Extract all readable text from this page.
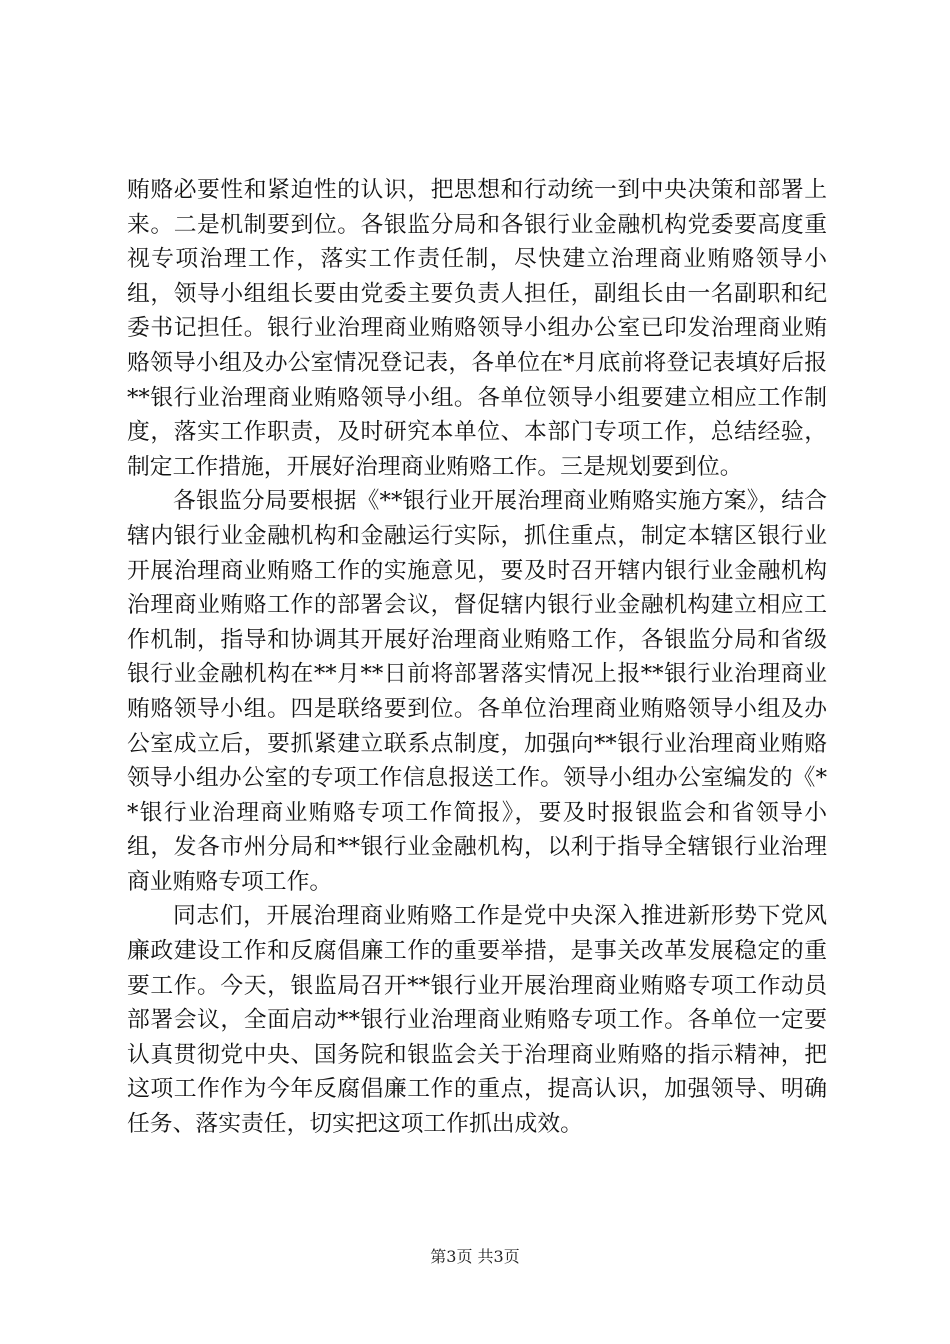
贿赂必要性和紧迫性的认识，把思想和行动统一到中央决策和部署上来。二是机制要到位。各银监分局和各银行业金融机构党委要高度重视专项治理工作，落实工作责任制，尽快建立治理商业贿赂领导小组，领导小组组长要由党委主要负责人担任，副组长由一名副职和纪委书记担任。银行业治理商业贿赂领导小组办公室已印发治理商业贿赂领导小组及办公室情况登记表，各单位在*月底前将登记表填好后报**银行业治理商业贿赂领导小组。各单位领导小组要建立相应工作制度，落实工作职责，及时研究本单位、本部门专项工作，总结经验，制定工作措施，开展好治理商业贿赂工作。三是规划要到位。

各银监分局要根据《**银行业开展治理商业贿赂实施方案》，结合辖内银行业金融机构和金融运行实际，抓住重点，制定本辖区银行业开展治理商业贿赂工作的实施意见，要及时召开辖内银行业金融机构治理商业贿赂工作的部署会议，督促辖内银行业金融机构建立相应工作机制，指导和协调其开展好治理商业贿赂工作，各银监分局和省级银行业金融机构在**月**日前将部署落实情况上报**银行业治理商业贿赂领导小组。四是联络要到位。各单位治理商业贿赂领导小组及办公室成立后，要抓紧建立联系点制度，加强向**银行业治理商业贿赂领导小组办公室的专项工作信息报送工作。领导小组办公室编发的《**银行业治理商业贿赂专项工作简报》，要及时报银监会和省领导小组，发各市州分局和**银行业金融机构，以利于指导全辖银行业治理商业贿赂专项工作。

同志们，开展治理商业贿赂工作是党中央深入推进新形势下党风廉政建设工作和反腐倡廉工作的重要举措，是事关改革发展稳定的重要工作。今天，银监局召开**银行业开展治理商业贿赂专项工作动员部署会议，全面启动**银行业治理商业贿赂专项工作。各单位一定要认真贯彻党中央、国务院和银监会关于治理商业贿赂的指示精神，把这项工作作为今年反腐倡廉工作的重点，提高认识，加强领导、明确任务、落实责任，切实把这项工作抓出成效。

第3页 共3页
